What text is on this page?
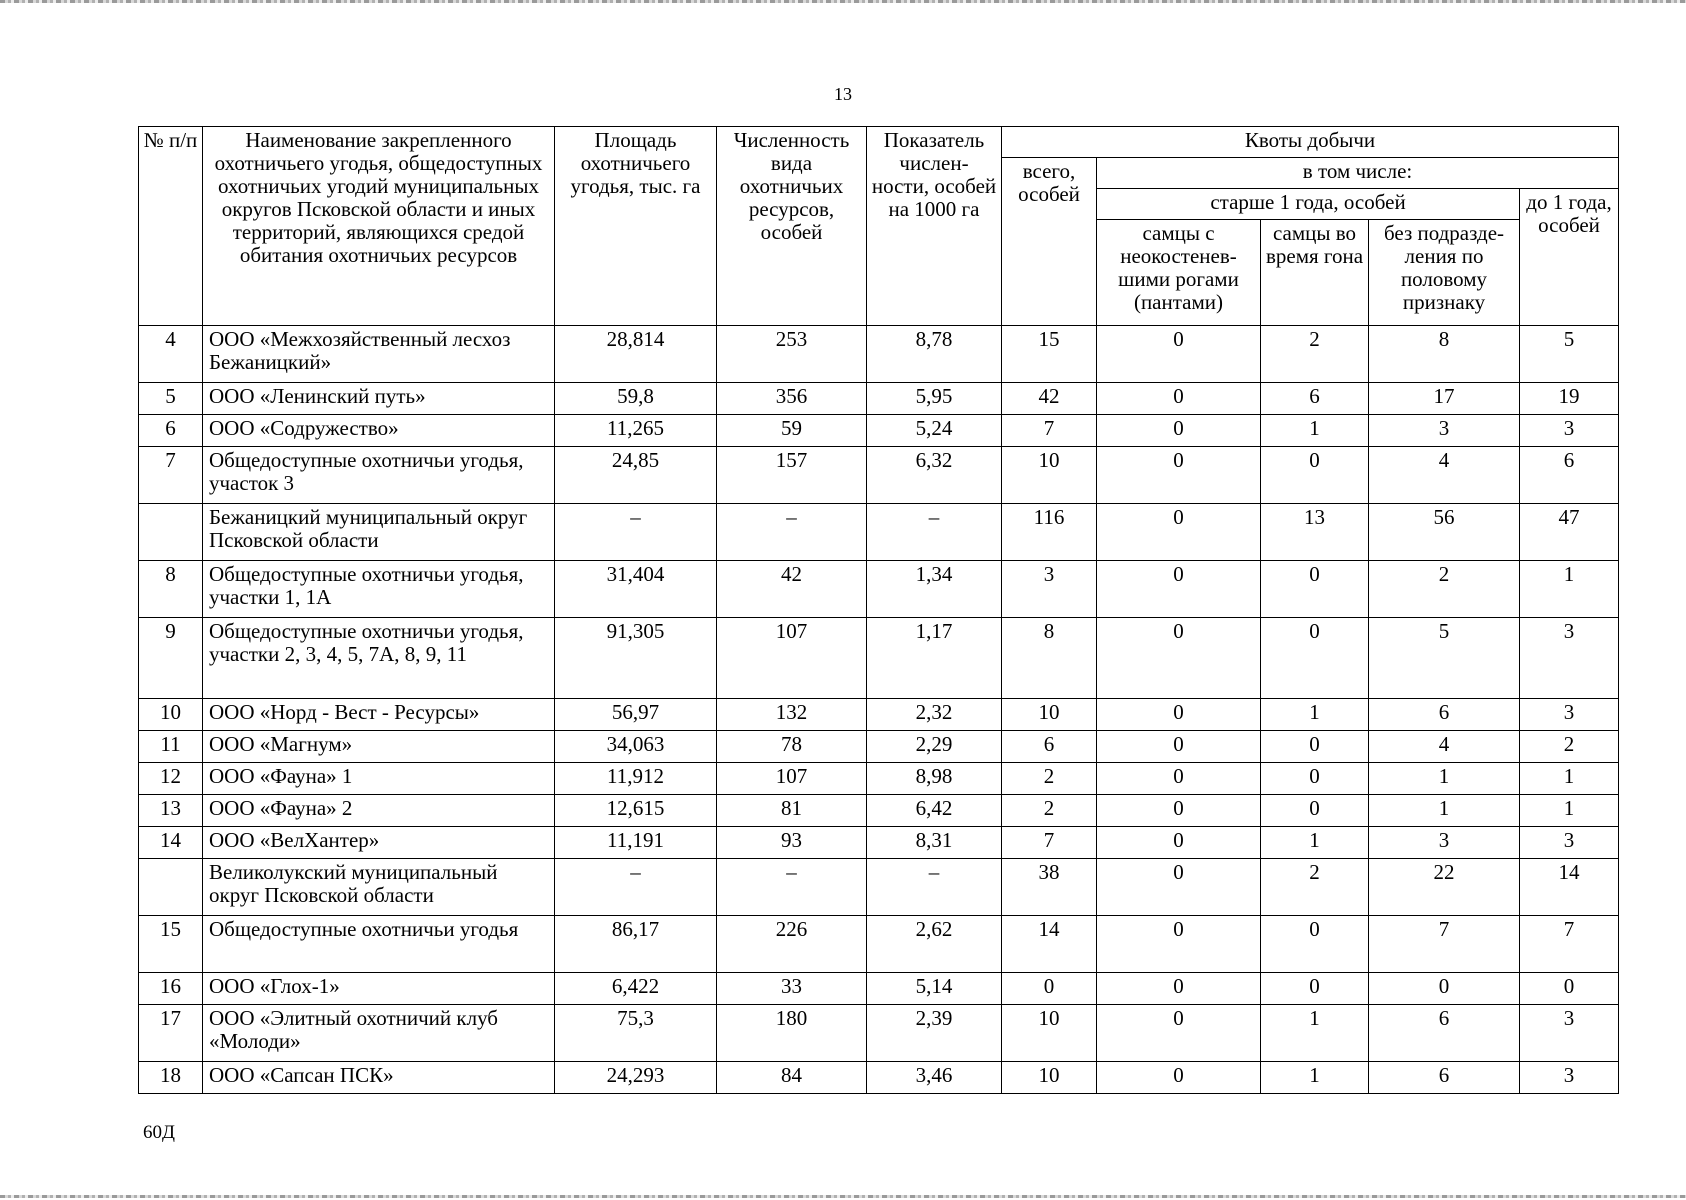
13
№ п/п	Наименование закрепленного охотничьего угодья, общедоступных охотничьих угодий муниципальных округов Псковской области и иных территорий, являющихся средой обитания охотничьих ресурсов	Площадь охотничьего угодья, тыс. га	Численность вида охотничьих ресурсов, особей	Показатель числен-ности, особей на 1000 га	Квоты добычи				
					всего, особей	в том числе:			
						старше 1 года, особей			до 1 года, особей
						самцы с неокостенев-шими рогами (пантами)	самцы во время гона	без подразде-ления по половому признаку	
4	ООО «Межхозяйственный лесхоз Бежаницкий»	28,814	253	8,78	15	0	2	8	5
5	ООО «Ленинский путь»	59,8	356	5,95	42	0	6	17	19
6	ООО «Содружество»	11,265	59	5,24	7	0	1	3	3
7	Общедоступные охотничьи угодья, участок 3	24,85	157	6,32	10	0	0	4	6
	Бежаницкий муниципальный округ Псковской области	–	–	–	116	0	13	56	47
8	Общедоступные охотничьи угодья, участки 1, 1А	31,404	42	1,34	3	0	0	2	1
9	Общедоступные охотничьи угодья, участки 2, 3, 4, 5, 7А, 8, 9, 11	91,305	107	1,17	8	0	0	5	3
10	ООО «Норд - Вест - Ресурсы»	56,97	132	2,32	10	0	1	6	3
11	ООО «Магнум»	34,063	78	2,29	6	0	0	4	2
12	ООО «Фауна» 1	11,912	107	8,98	2	0	0	1	1
13	ООО «Фауна» 2	12,615	81	6,42	2	0	0	1	1
14	ООО «ВелХантер»	11,191	93	8,31	7	0	1	3	3
	Великолукский муниципальный округ Псковской области	–	–	–	38	0	2	22	14
15	Общедоступные охотничьи угодья	86,17	226	2,62	14	0	0	7	7
16	ООО «Глох-1»	6,422	33	5,14	0	0	0	0	0
17	ООО «Элитный охотничий клуб «Молоди»	75,3	180	2,39	10	0	1	6	3
18	ООО «Сапсан ПСК»	24,293	84	3,46	10	0	1	6	3
60Д
